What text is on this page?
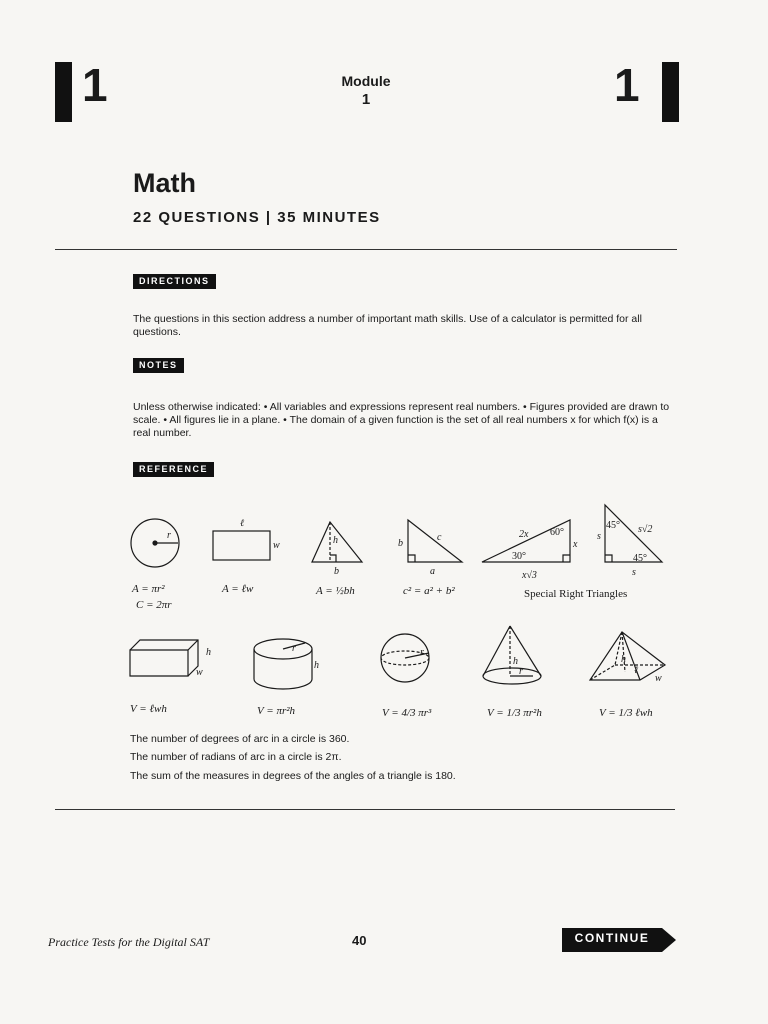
1	Module
1	1
Math
22 QUESTIONS | 35 MINUTES
DIRECTIONS
The questions in this section address a number of important math skills. Use of a calculator is permitted for all questions.
NOTES
Unless otherwise indicated: • All variables and expressions represent real numbers. • Figures provided are drawn to scale. • All figures lie in a plane. • The domain of a given function is the set of all real numbers x for which f(x) is a real number.
REFERENCE
r
ℓ
w	h
b
b
a
c	2x 60°
x
30°
x√3
s
45° s√2
45°
s
h
w
r
h
r
h
r
h
ℓ
w
A = πr²
C = 2πr
A = ℓw	A = ½bh	c² = a² + b²	Special Right Triangles
V = ℓwh	V = πr²h	V = 4/3 πr³	V = 1/3 πr²h	V = 1/3 ℓwh
The number of degrees of arc in a circle is 360.
The number of radians of arc in a circle is 2π.
The sum of the measures in degrees of the angles of a triangle is 180.
Practice Tests for the Digital SAT	40	CONTINUE
